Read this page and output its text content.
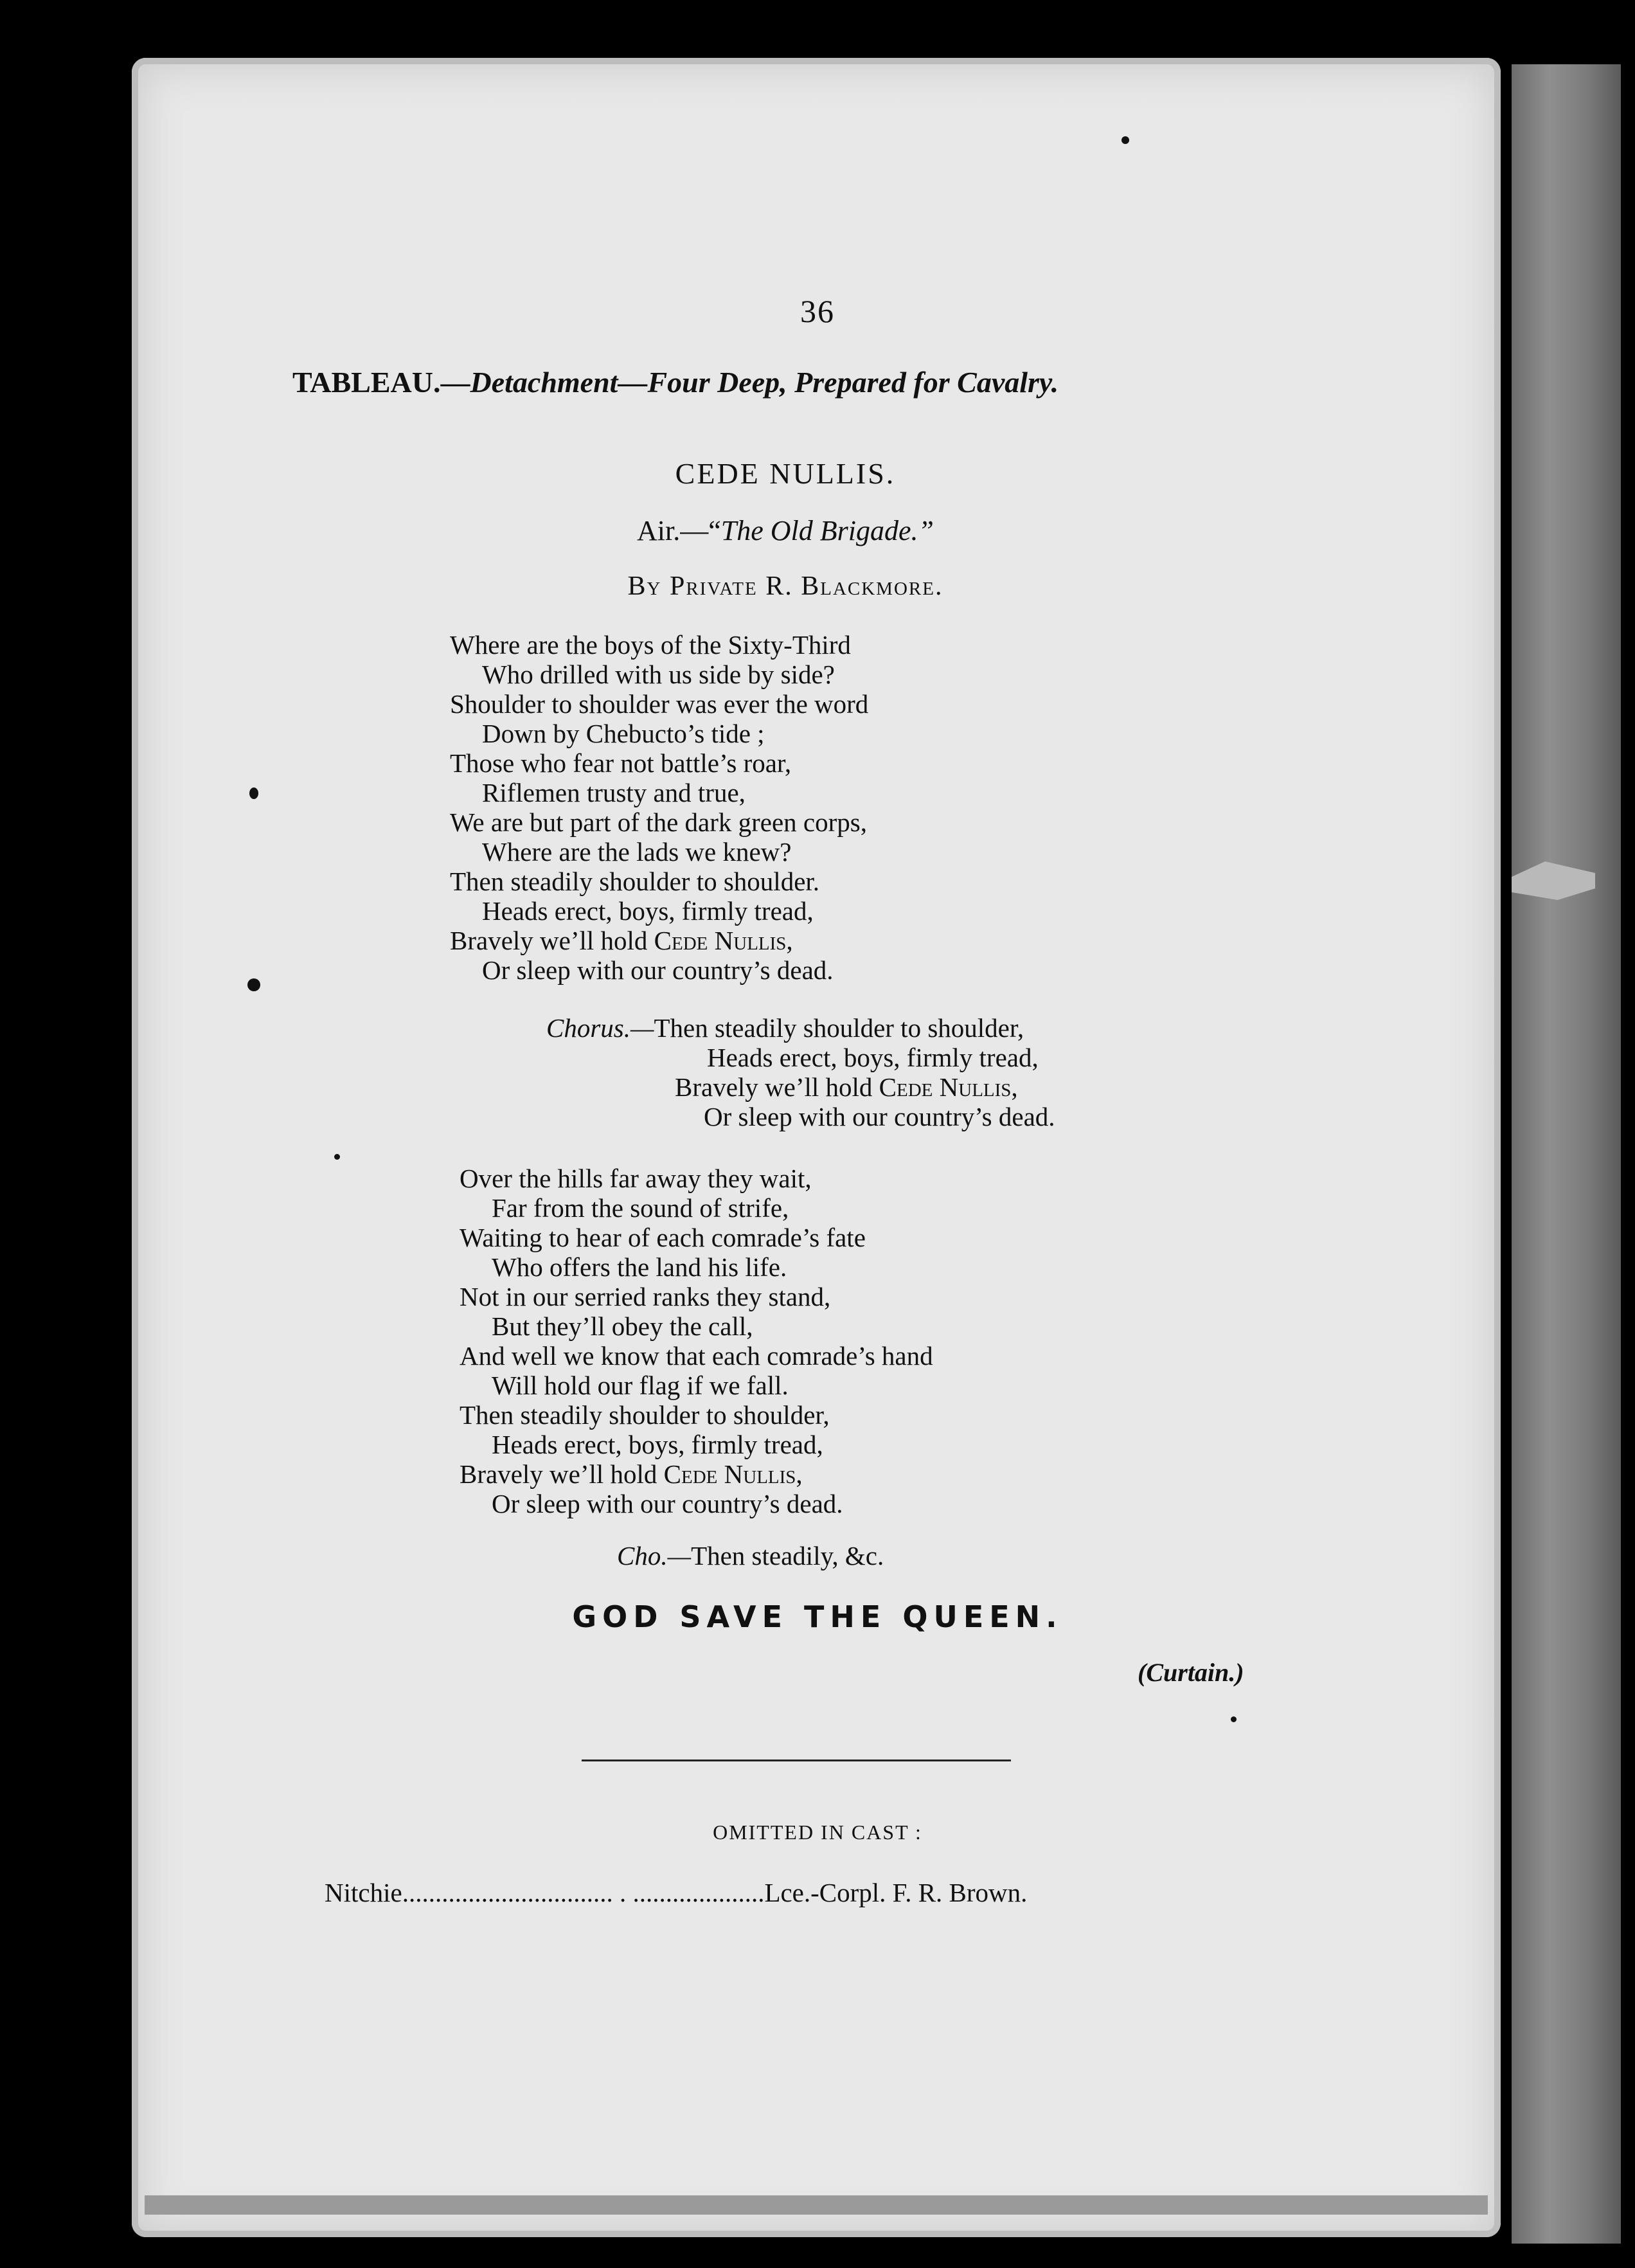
36
TABLEAU.—Detachment—Four Deep, Prepared for Cavalry.
CEDE NULLIS.
Air.—“The Old Brigade.”
By Private R. Blackmore.
Where are the boys of the Sixty-Third
Who drilled with us side by side?
Shoulder to shoulder was ever the word
Down by Chebucto’s tide ;
Those who fear not battle’s roar,
Riflemen trusty and true,
We are but part of the dark green corps,
Where are the lads we knew?
Then steadily shoulder to shoulder.
Heads erect, boys, firmly tread,
Bravely we’ll hold Cede Nullis,
Or sleep with our country’s dead.
Chorus.—Then steadily shoulder to shoulder,
Heads erect, boys, firmly tread,
Bravely we’ll hold Cede Nullis,
Or sleep with our country’s dead.
Over the hills far away they wait,
Far from the sound of strife,
Waiting to hear of each comrade’s fate
Who offers the land his life.
Not in our serried ranks they stand,
But they’ll obey the call,
And well we know that each comrade’s hand
Will hold our flag if we fall.
Then steadily shoulder to shoulder,
Heads erect, boys, firmly tread,
Bravely we’ll hold Cede Nullis,
Or sleep with our country’s dead.
Cho.—Then steadily, &c.
GOD SAVE THE QUEEN.
(Curtain.)
OMITTED IN CAST :
Nitchie................................ . ....................Lce.-Corpl. F. R. Brown.
